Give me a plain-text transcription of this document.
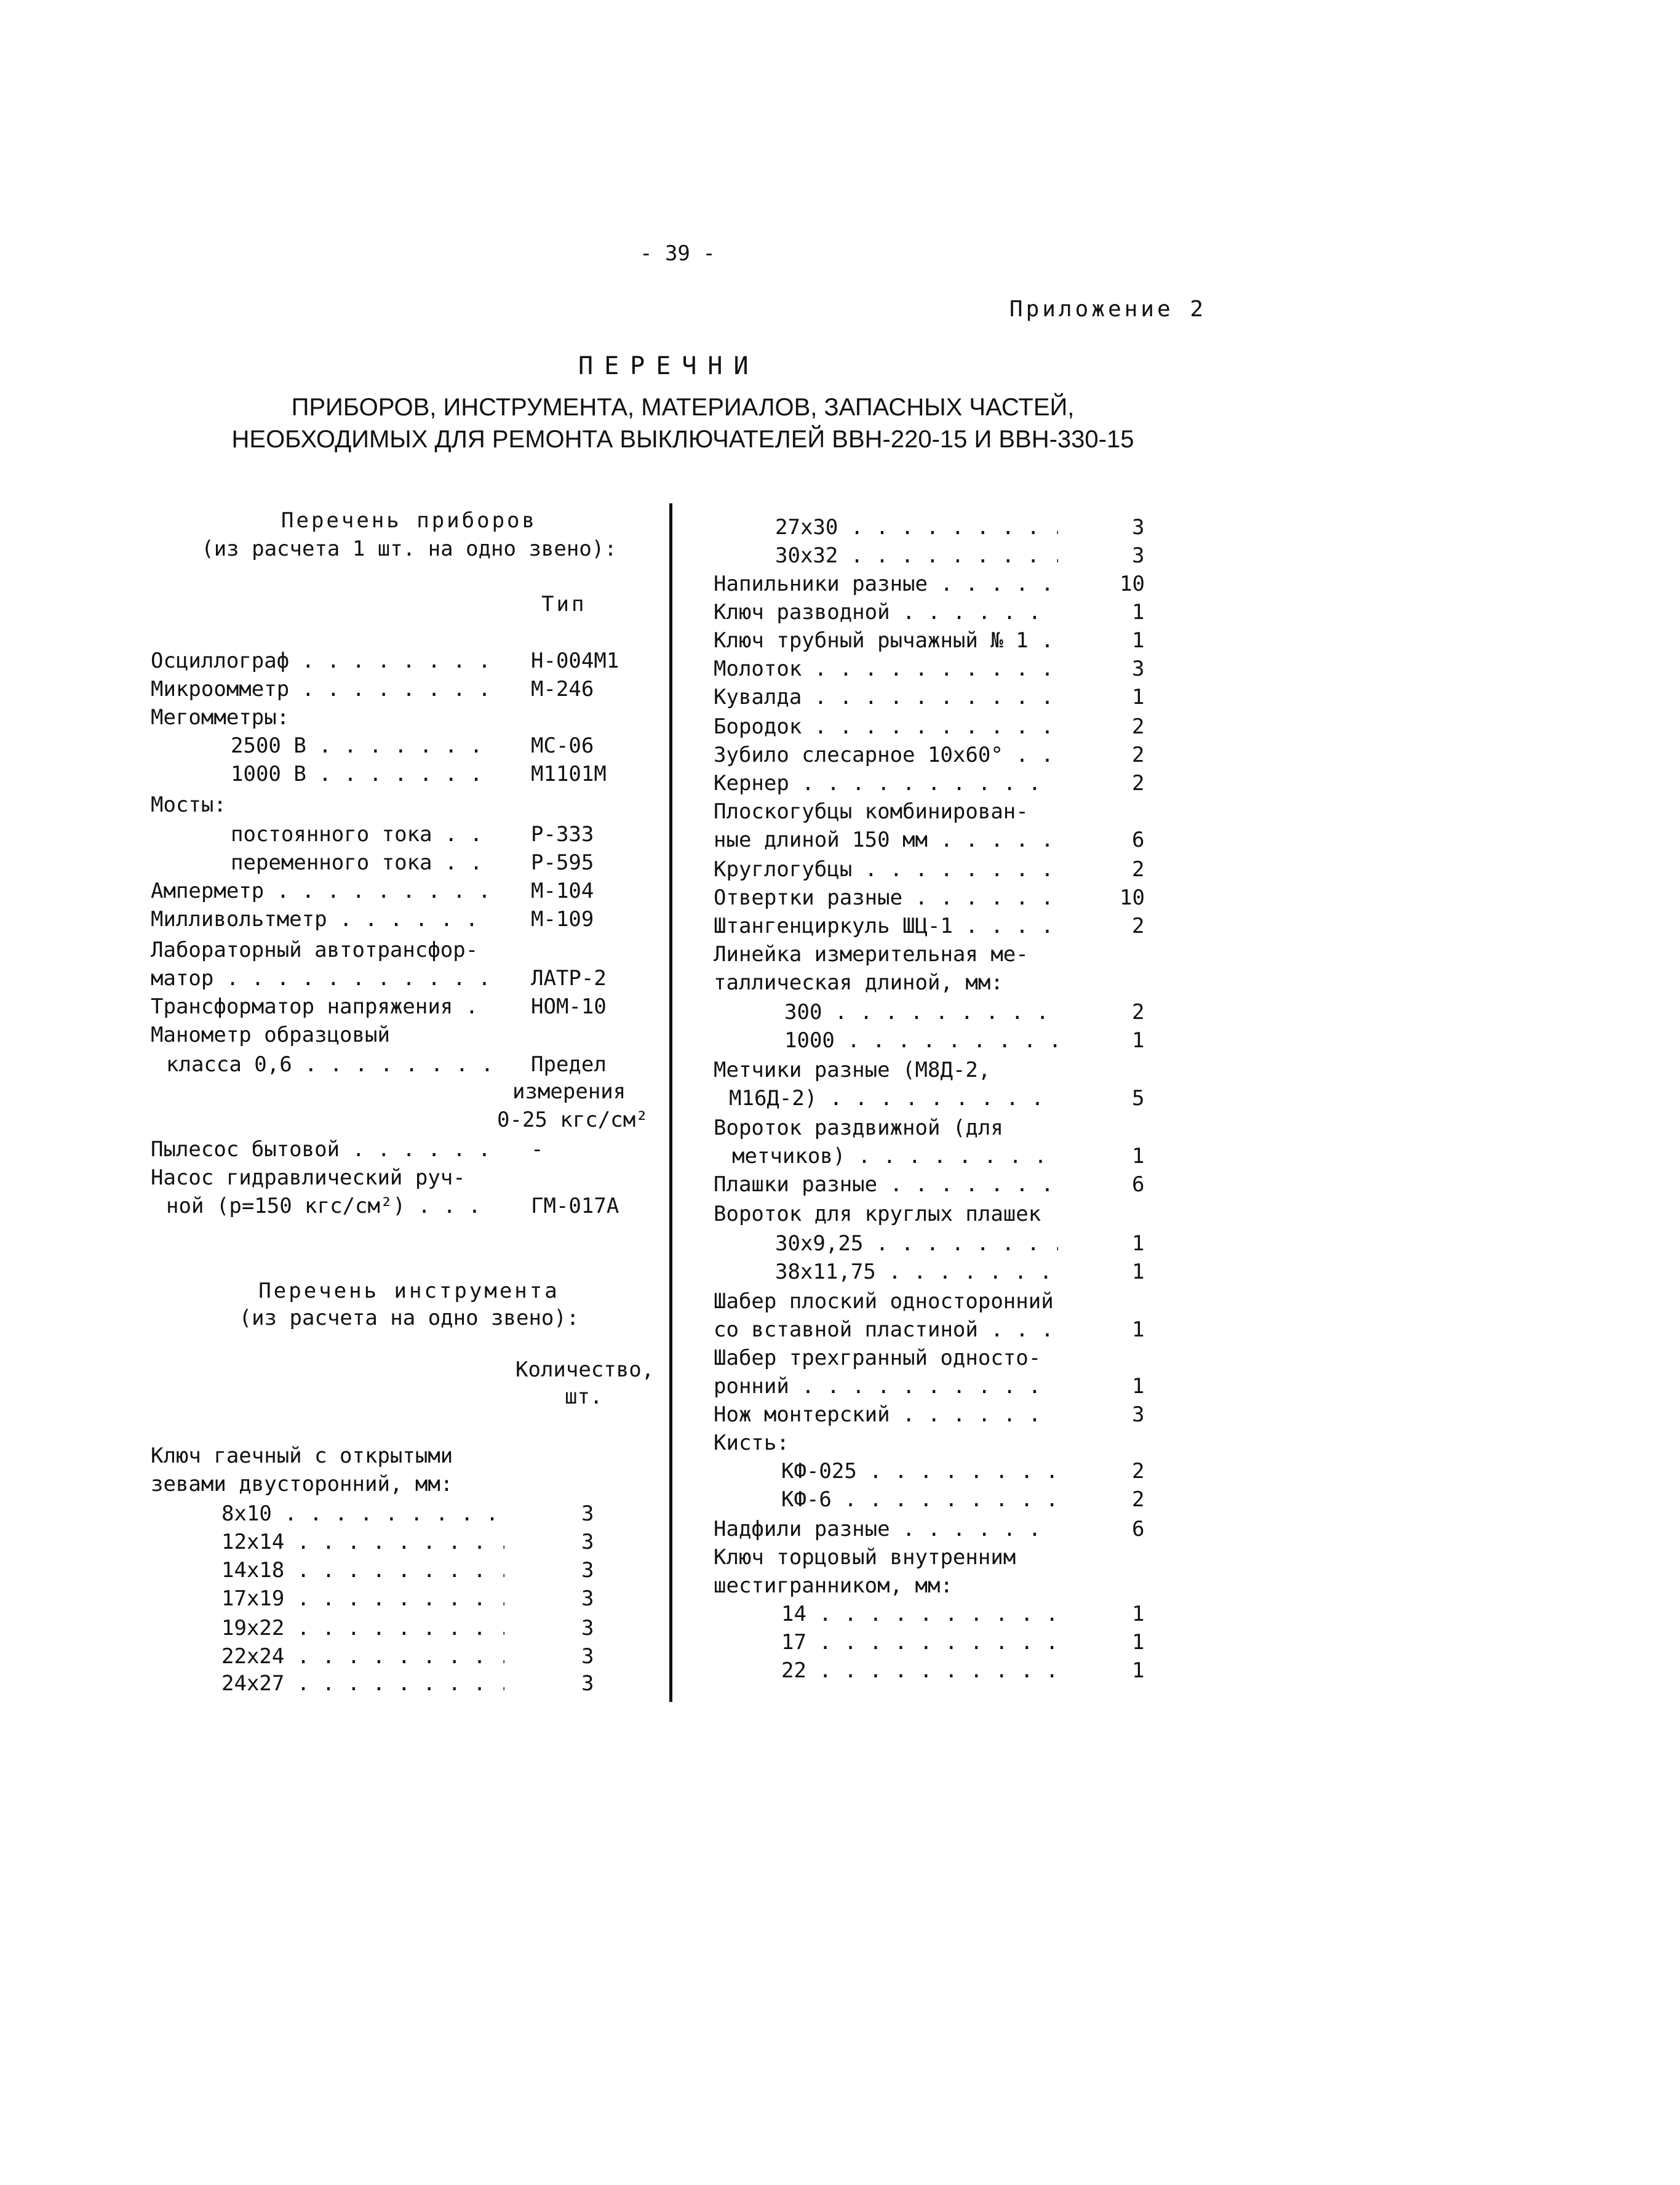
- 39 -
Приложение 2
ПЕРЕЧНИ
ПРИБОРОВ, ИНСТРУМЕНТА, МАТЕРИАЛОВ, ЗАПАСНЫХ ЧАСТЕЙ,
НЕОБХОДИМЫХ ДЛЯ РЕМОНТА ВЫКЛЮЧАТЕЛЕЙ ВВН-220-15 И ВВН-330-15
Перечень приборов
(из расчета 1 шт. на одно звено):
Тип
Осциллограф . . .	Н-004М1
Микроомметр . . .	М-246
Мегомметры:
2500 В . . .	МС-06
1000 В . . .	М1101М
Мосты:
постоянного тока . . .	Р-333
переменного тока . . .	Р-595
Амперметр . . .	М-104
Милливольтметр . . .	М-109
Лабораторный автотрансфор-
матор . . .	ЛАТР-2
Трансформатор напряжения . . .	НОМ-10
Манометр образцовый
класса 0,6 . . .	Предел
измерения
0-25 кгс/см²
Пылесос бытовой . . .	-
Насос гидравлический руч-
ной (р=150 кгс/см²) . . .	ГМ-017А
Перечень инструмента
(из расчета на одно звено):
Количество,
шт.
Ключ гаечный с открытыми
зевами двусторонний, мм:
8х10 . . .	3
12х14 . . .	3
14х18 . . .	3
17х19 . . .	3
19х22 . . .	3
22х24 . . .	3
24х27 . . .	3
27х30 . . .	3
30х32 . . .	3
Напильники разные . . .	10
Ключ разводной . . .	1
Ключ трубный рычажный № 1 . . .	1
Молоток . . .	3
Кувалда . . .	1
Бородок . . .	2
Зубило слесарное 10х60° . . .	2
Кернер . . .	2
Плоскогубцы комбинирован-
ные длиной 150 мм . . .	6
Круглогубцы . . .	2
Отвертки разные . . .	10
Штангенциркуль ШЦ-1 . . .	2
Линейка измерительная ме-
таллическая длиной, мм:
300 . . .	2
1000 . . .	1
Метчики разные (М8Д-2,
М16Д-2) . . .	5
Вороток раздвижной (для
метчиков) . . .	1
Плашки разные . . .	6
Вороток для круглых плашек
30х9,25 . . .	1
38х11,75 . . .	1
Шабер плоский односторонний
со вставной пластиной . . .	1
Шабер трехгранный односто-
ронний . . .	1
Нож монтерский . . .	3
Кисть:
КФ-025 . . .	2
КФ-6 . . .	2
Надфили разные . . .	6
Ключ торцовый внутренним
шестигранником, мм:
14 . . .	1
17 . . .	1
22 . . .	1
